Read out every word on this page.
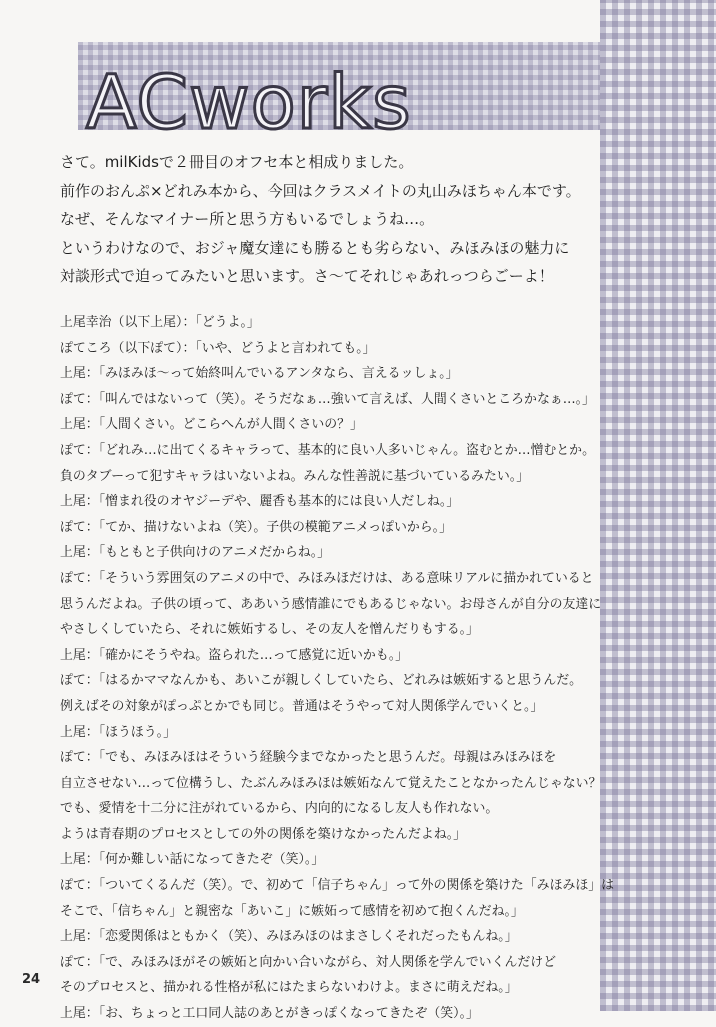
ACworks
さて。milKidsで２冊目のオフセ本と相成りました。
前作のおんぷ×どれみ本から、今回はクラスメイトの丸山みほちゃん本です。
なぜ、そんなマイナー所と思う方もいるでしょうね…。
というわけなので、おジャ魔女達にも勝るとも劣らない、みほみほの魅力に
対談形式で迫ってみたいと思います。さ～てそれじゃあれっつらごーよ！
上尾幸治（以下上尾）：「どうよ。」
ぽてころ（以下ぽて）：「いや、どうよと言われても。」
上尾：「みほみほ～って始終叫んでいるアンタなら、言えるッしょ。」
ぽて：「叫んではないって（笑）。そうだなぁ…強いて言えば、人間くさいところかなぁ…。」
上尾：「人間くさい。どこらへんが人間くさいの？」
ぽて：「どれみ…に出てくるキャラって、基本的に良い人多いじゃん。盗むとか…憎むとか。
負のタブーって犯すキャラはいないよね。みんな性善説に基づいているみたい。」
上尾：「憎まれ役のオヤジーデや、麗香も基本的には良い人だしね。」
ぽて：「てか、描けないよね（笑）。子供の模範アニメっぽいから。」
上尾：「もともと子供向けのアニメだからね。」
ぽて：「そういう雰囲気のアニメの中で、みほみほだけは、ある意味リアルに描かれていると
思うんだよね。子供の頃って、ああいう感情誰にでもあるじゃない。お母さんが自分の友達に
やさしくしていたら、それに嫉妬するし、その友人を憎んだりもする。」
上尾：「確かにそうやね。盗られた…って感覚に近いかも。」
ぽて：「はるかママなんかも、あいこが親しくしていたら、どれみは嫉妬すると思うんだ。
例えばその対象がぽっぷとかでも同じ。普通はそうやって対人関係学んでいくと。」
上尾：「ほうほう。」
ぽて：「でも、みほみほはそういう経験今までなかったと思うんだ。母親はみほみほを
自立させない…って位構うし、たぶんみほみほは嫉妬なんて覚えたことなかったんじゃない？
でも、愛情を十二分に注がれているから、内向的になるし友人も作れない。
ようは青春期のプロセスとしての外の関係を築けなかったんだよね。」
上尾：「何か難しい話になってきたぞ（笑）。」
ぽて：「ついてくるんだ（笑）。で、初めて「信子ちゃん」って外の関係を築けた「みほみほ」は
そこで、「信ちゃん」と親密な「あいこ」に嫉妬って感情を初めて抱くんだね。」
上尾：「恋愛関係はともかく（笑）、みほみほのはまさしくそれだったもんね。」
ぽて：「で、みほみほがその嫉妬と向かい合いながら、対人関係を学んでいくんだけど
そのプロセスと、描かれる性格が私にはたまらないわけよ。まさに萌えだね。」
上尾：「お、ちょっと工口同人誌のあとがきっぽくなってきたぞ（笑）。」
24
